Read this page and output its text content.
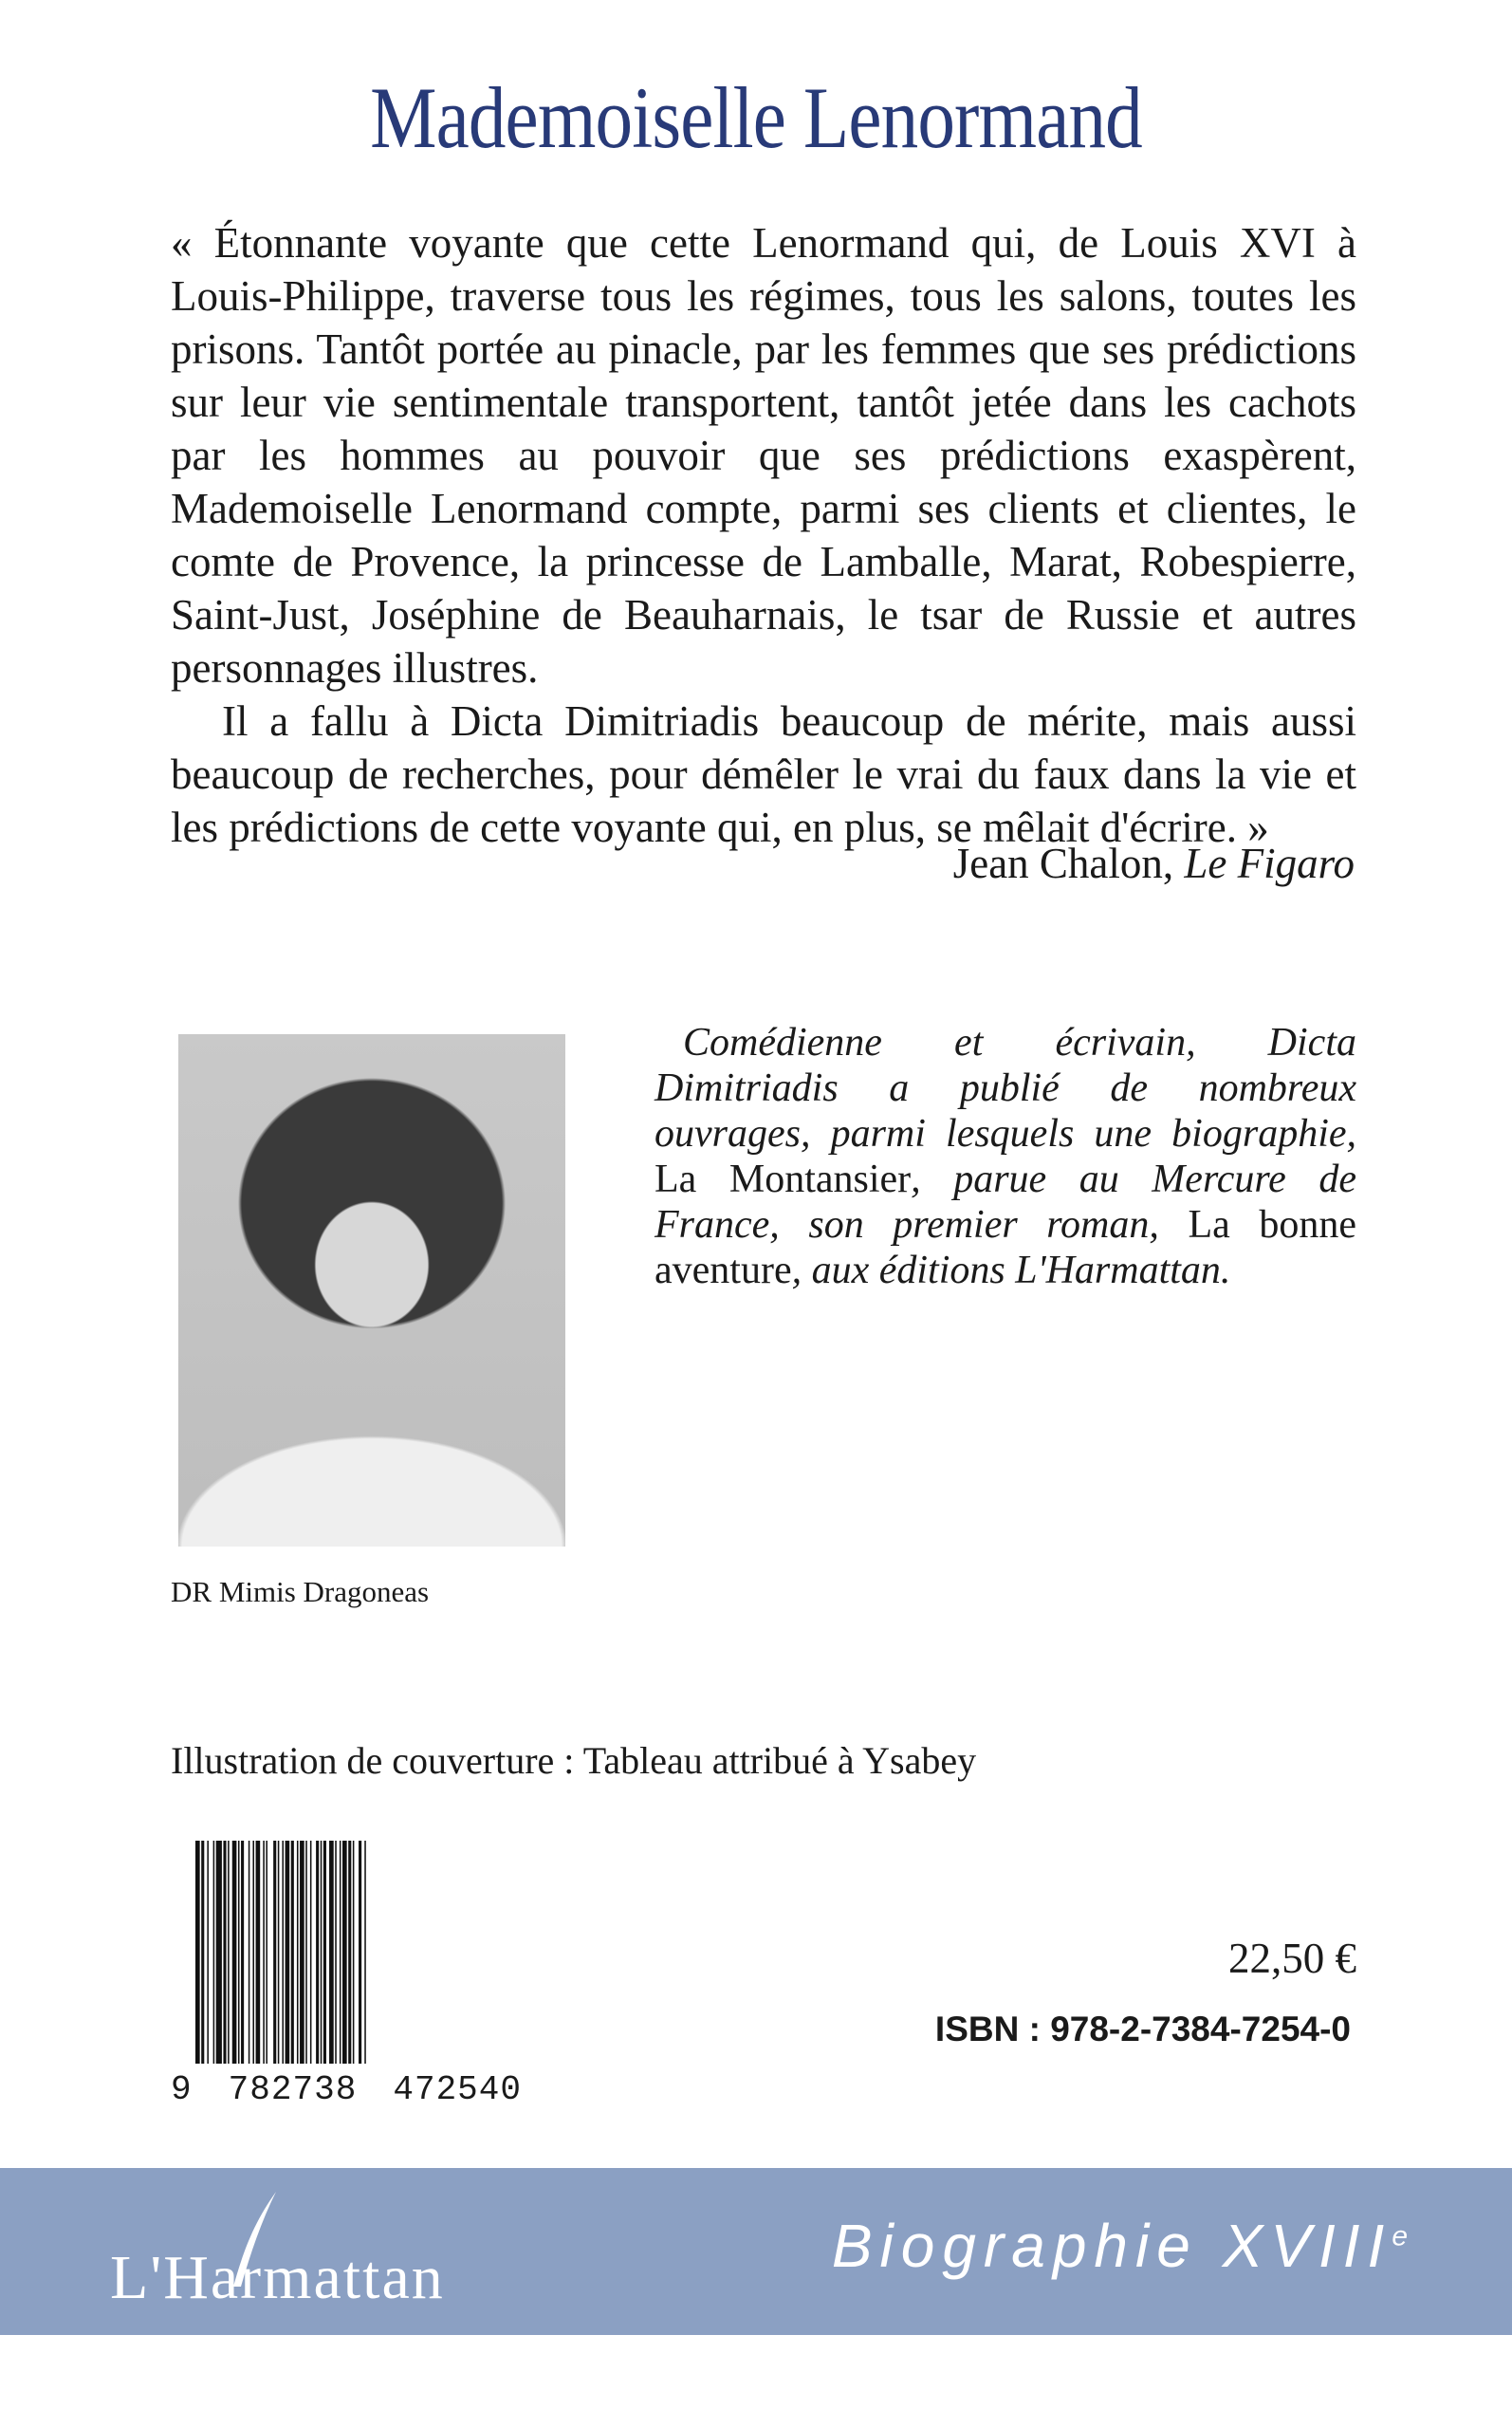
Mademoiselle Lenormand

« Étonnante voyante que cette Lenormand qui, de Louis XVI à Louis-Philippe, traverse tous les régimes, tous les salons, toutes les prisons. Tantôt portée au pinacle, par les femmes que ses prédictions sur leur vie sentimentale transportent, tantôt jetée dans les cachots par les hommes au pouvoir que ses prédictions exaspèrent, Mademoiselle Lenormand compte, parmi ses clients et clientes, le comte de Provence, la princesse de Lamballe, Marat, Robespierre, Saint-Just, Joséphine de Beauharnais, le tsar de Russie et autres personnages illustres.

Il a fallu à Dicta Dimitriadis beaucoup de mérite, mais aussi beaucoup de recherches, pour démêler le vrai du faux dans la vie et les prédictions de cette voyante qui, en plus, se mêlait d'écrire. »

Jean Chalon, Le Figaro
DR Mimis Dragoneas
Comédienne et écrivain, Dicta Dimitriadis a publié de nombreux ouvrages, parmi lesquels une biographie, La Montansier, parue au Mercure de France, son premier roman, La bonne aventure, aux éditions L'Harmattan.
Illustration de couverture : Tableau attribué à Ysabey
9 782738 472540
22,50 €
ISBN : 978-2-7384-7254-0
L'Harmattan	Biographie XVIIIe
